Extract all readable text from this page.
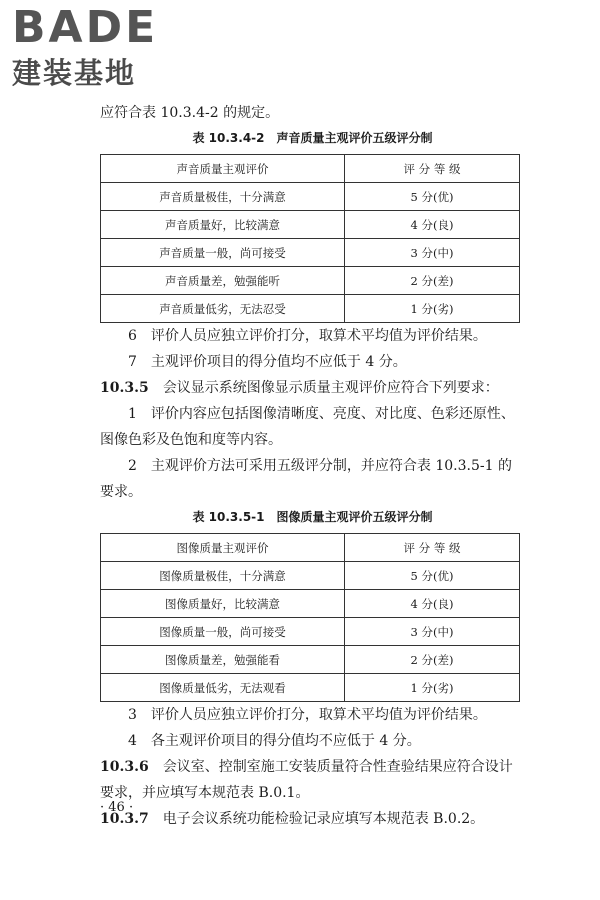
BADE
建装基地

应符合表 10.3.4-2 的规定。

表 10.3.4-2　声音质量主观评价五级评分制
声音质量主观评价	评 分 等 级
声音质量极佳，十分满意	5 分(优)
声音质量好，比较满意	4 分(良)
声音质量一般，尚可接受	3 分(中)
声音质量差，勉强能听	2 分(差)
声音质量低劣，无法忍受	1 分(劣)

6　评价人员应独立评价打分，取算术平均值为评价结果。

7　主观评价项目的得分值均不应低于 4 分。

10.3.5　会议显示系统图像显示质量主观评价应符合下列要求：

1　评价内容应包括图像清晰度、亮度、对比度、色彩还原性、图像色彩及色饱和度等内容。

2　主观评价方法可采用五级评分制，并应符合表 10.3.5-1 的要求。

表 10.3.5-1　图像质量主观评价五级评分制
图像质量主观评价	评 分 等 级
图像质量极佳，十分满意	5 分(优)
图像质量好，比较满意	4 分(良)
图像质量一般，尚可接受	3 分(中)
图像质量差，勉强能看	2 分(差)
图像质量低劣，无法观看	1 分(劣)

3　评价人员应独立评价打分，取算术平均值为评价结果。

4　各主观评价项目的得分值均不应低于 4 分。

10.3.6　会议室、控制室施工安装质量符合性查验结果应符合设计要求，并应填写本规范表 B.0.1。

10.3.7　电子会议系统功能检验记录应填写本规范表 B.0.2。

· 46 ·
